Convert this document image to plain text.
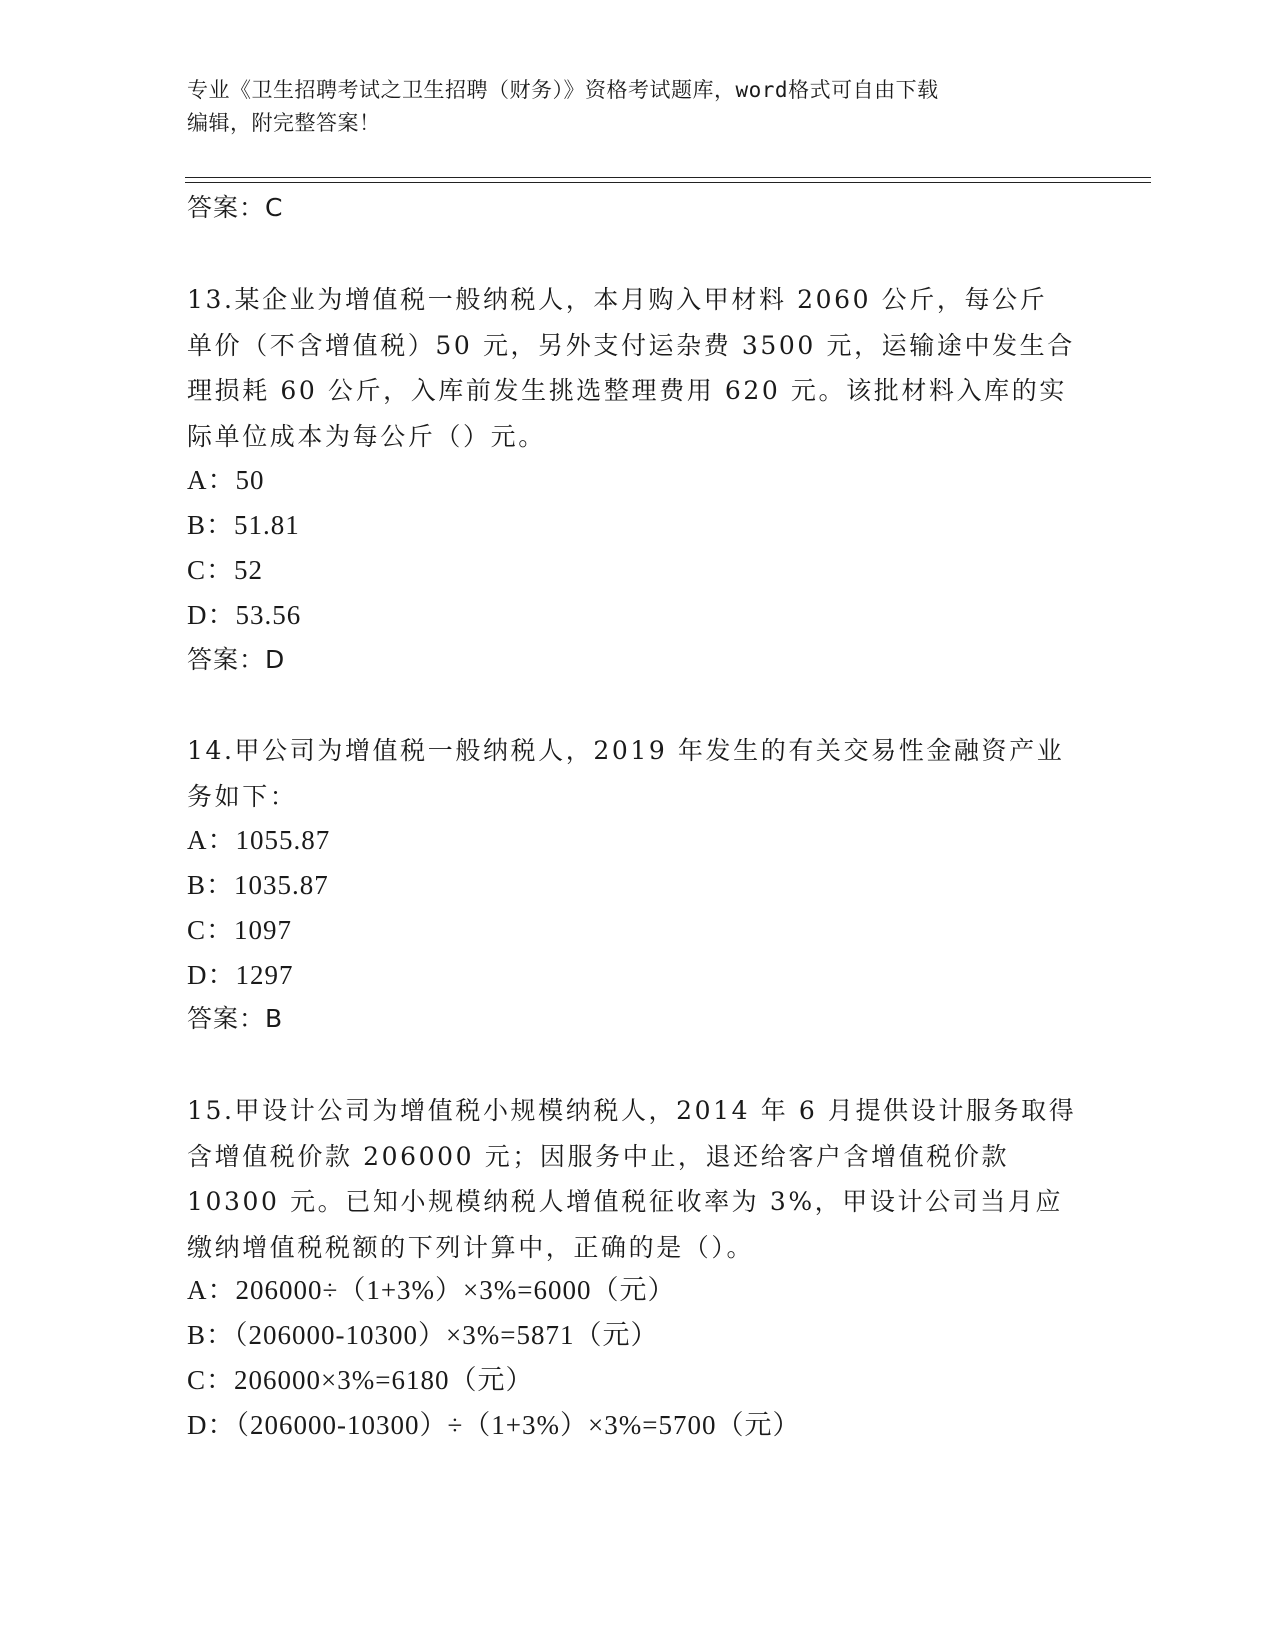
专业《卫生招聘考试之卫生招聘（财务）》资格考试题库，word格式可自由下载
编辑，附完整答案！
答案：C
13.某企业为增值税一般纳税人，本月购入甲材料 2060 公斤，每公斤
单价（不含增值税）50 元，另外支付运杂费 3500 元，运输途中发生合
理损耗 60 公斤，入库前发生挑选整理费用 620 元。该批材料入库的实
际单位成本为每公斤（）元。
A：50
B：51.81
C：52
D：53.56
答案：D
14.甲公司为增值税一般纳税人，2019 年发生的有关交易性金融资产业
务如下：
A：1055.87
B：1035.87
C：1097
D：1297
答案：B
15.甲设计公司为增值税小规模纳税人，2014 年 6 月提供设计服务取得
含增值税价款 206000 元；因服务中止，退还给客户含增值税价款
10300 元。已知小规模纳税人增值税征收率为 3%，甲设计公司当月应
缴纳增值税税额的下列计算中，正确的是（）。
A：206000÷（1+3%）×3%=6000（元）
B：（206000-10300）×3%=5871（元）
C：206000×3%=6180（元）
D：（206000-10300）÷（1+3%）×3%=5700（元）
